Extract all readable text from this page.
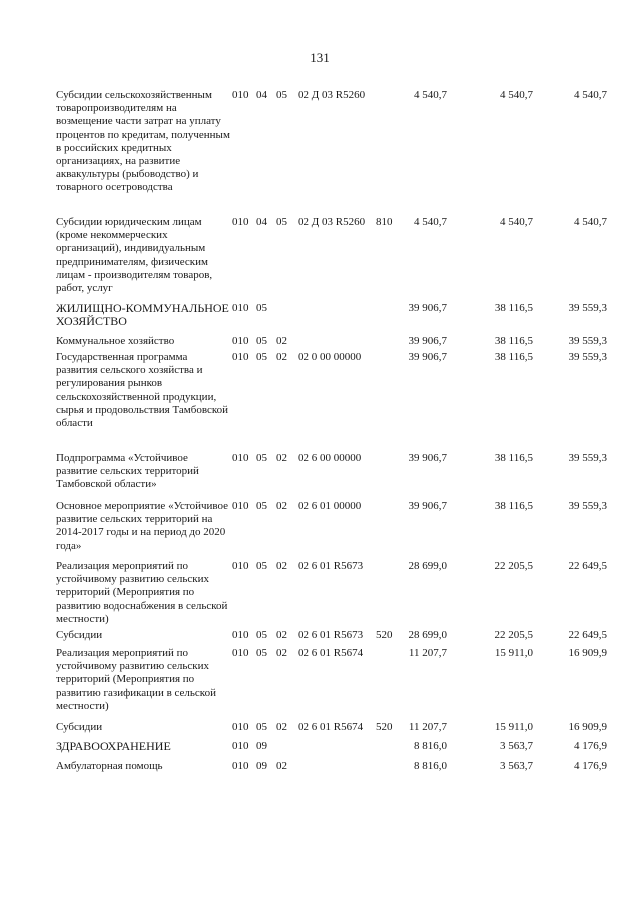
131
Субсидии сельскохозяйственным товаропроизводителям на возмещение части затрат на уплату процентов по кредитам, полученным в российских кредитных организациях, на развитие аквакультуры (рыбоводство) и товарного осетроводства
010 04 05 02 Д 03 R5260	4 540,7	4 540,7	4 540,7
Субсидии юридическим лицам (кроме некоммерческих организаций), индивидуальным предпринимателям, физическим лицам - производителям товаров, работ, услуг
010 04 05 02 Д 03 R5260 810 4 540,7	4 540,7	4 540,7
ЖИЛИЩНО-КОММУНАЛЬНОЕ ХОЗЯЙСТВО
010 05	39 906,7	38 116,5	39 559,3
Коммунальное хозяйство	010 05 02	39 906,7	38 116,5	39 559,3
Государственная программа развития сельского хозяйства и регулирования рынков сельскохозяйственной продукции, сырья и продовольствия Тамбовской области
010 05 02 02 0 00 00000	39 906,7	38 116,5	39 559,3
Подпрограмма «Устойчивое развитие сельских территорий Тамбовской области»
010 05 02 02 6 00 00000	39 906,7	38 116,5	39 559,3
Основное мероприятие «Устойчивое развитие сельских территорий на 2014-2017 годы и на период до 2020 года»
010 05 02 02 6 01 00000	39 906,7	38 116,5	39 559,3
Реализация мероприятий по устойчивому развитию сельских территорий (Мероприятия по развитию водоснабжения в сельской местности)
010 05 02 02 6 01 R5673	28 699,0	22 205,5	22 649,5
Субсидии	010 05 02 02 6 01 R5673 520 28 699,0	22 205,5	22 649,5
Реализация мероприятий по устойчивому развитию сельских территорий (Мероприятия по развитию газификации в сельской местности)
010 05 02 02 6 01 R5674	11 207,7	15 911,0	16 909,9
Субсидии	010 05 02 02 6 01 R5674 520 11 207,7	15 911,0	16 909,9
ЗДРАВООХРАНЕНИЕ	010 09	8 816,0	3 563,7	4 176,9
Амбулаторная помощь	010 09 02	8 816,0	3 563,7	4 176,9
